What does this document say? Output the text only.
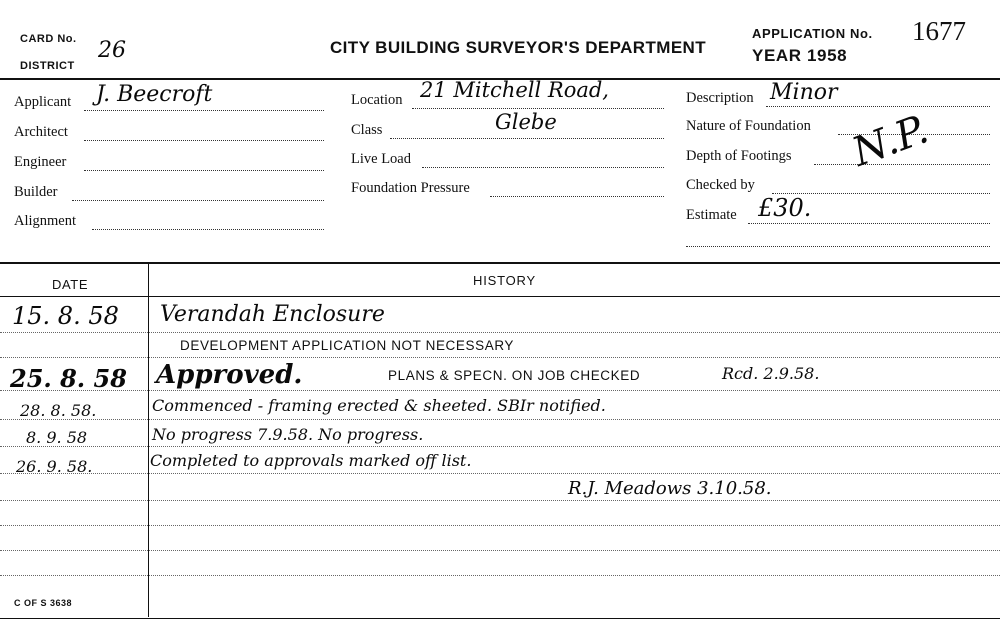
CARD No.
DISTRICT
26	CITY BUILDING SURVEYOR'S DEPARTMENT
APPLICATION No.
YEAR 1958
1677
Applicant J. Beecroft
Architect
Engineer
Builder
Alignment
Location 21 Mitchell Road,
Class	Glebe
Live Load
Foundation Pressure
Description Minor
Nature of Foundation
Depth of Footings N.P.
Checked by
Estimate £30.
DATE	HISTORY
15. 8. 58 Verandah Enclosure
DEVELOPMENT APPLICATION NOT NECESSARY
25. 8. 58 Approved.	PLANS & SPECN. ON JOB CHECKED	Rcd. 2.9.58.
28. 8. 58.	Commenced - framing erected & sheeted. SBIr notified.
8. 9. 58	No progress 7.9.58. No progress.
26. 9. 58.	Completed to approvals marked off list.
R.J. Meadows 3.10.58.
C OF S 3638
